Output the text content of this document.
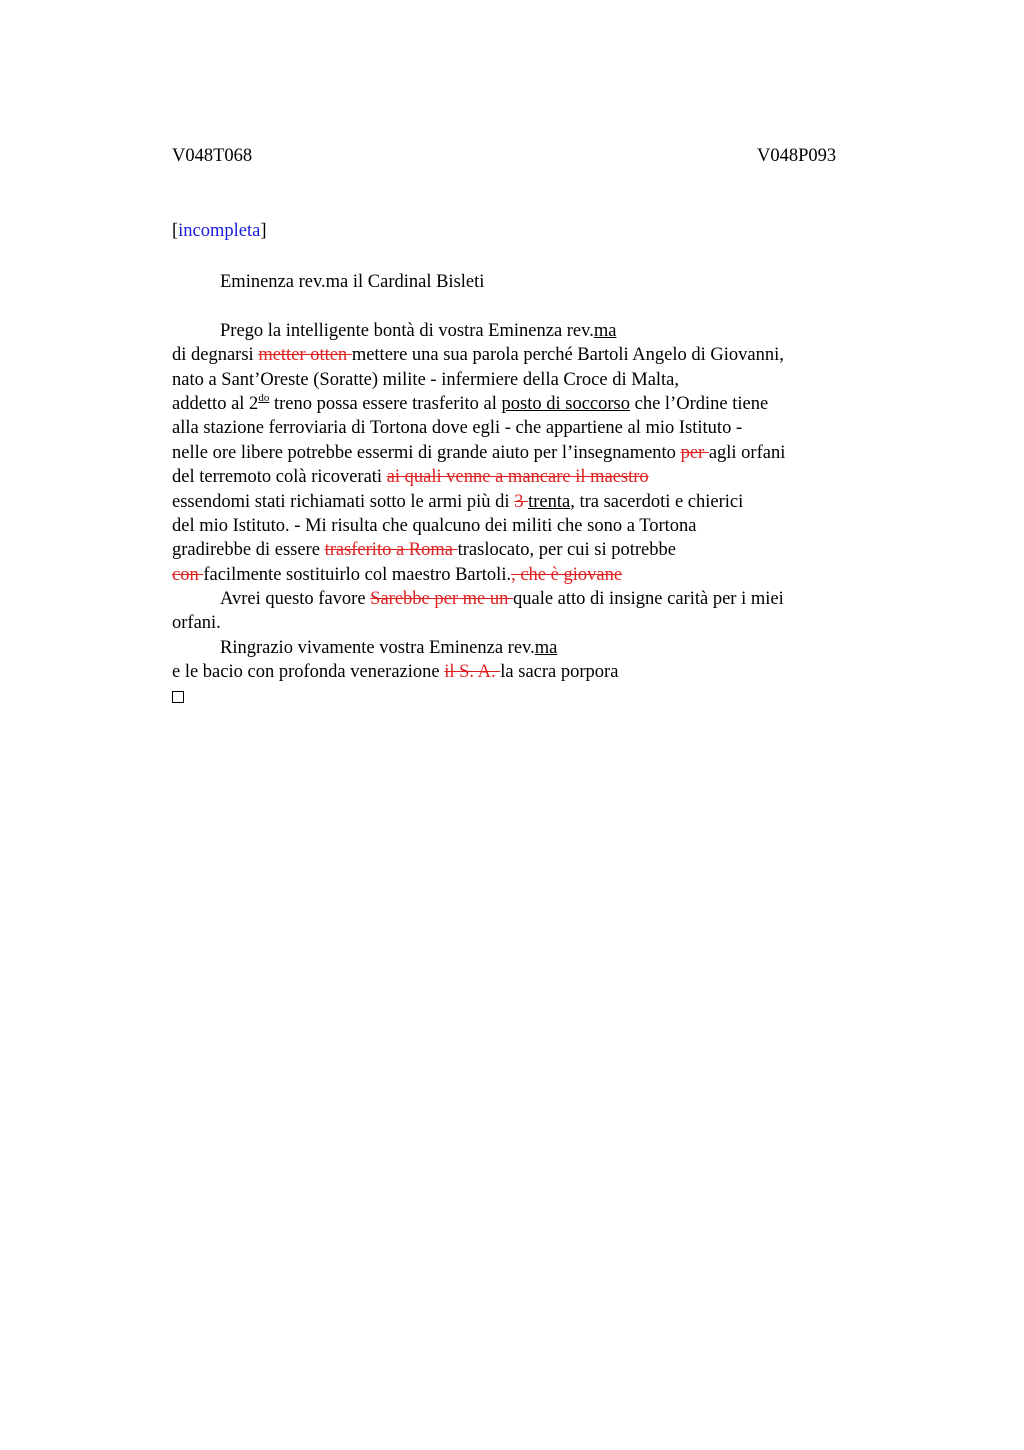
V048T068	V048P093
[incompleta]
Eminenza rev.ma il Cardinal Bisleti
Prego la intelligente bontà di vostra Eminenza rev.ma
di degnarsi metter otten mettere una sua parola perché Bartoli Angelo di Giovanni,
nato a Sant’Oreste (Soratte) milite - infermiere della Croce di Malta,
addetto al $2^{do}$ treno possa essere trasferito al posto di soccorso che l’Ordine tiene
alla stazione ferroviaria di Tortona dove egli - che appartiene al mio Istituto -
nelle ore libere potrebbe essermi di grande aiuto per l’insegnamento per agli orfani
del terremoto colà ricoverati ai quali venne a mancare il maestro
essendomi stati richiamati sotto le armi più di 3 trenta, tra sacerdoti e chierici
del mio Istituto. - Mi risulta che qualcuno dei militi che sono a Tortona
gradirebbe di essere trasferito a Roma traslocato, per cui si potrebbe
con facilmente sostituirlo col maestro Bartoli., che è giovane
Avrei questo favore Sarebbe per me un quale atto di insigne carità per i miei
orfani.
Ringrazio vivamente vostra Eminenza rev.ma
e le bacio con profonda venerazione il S. A. la sacra porpora
